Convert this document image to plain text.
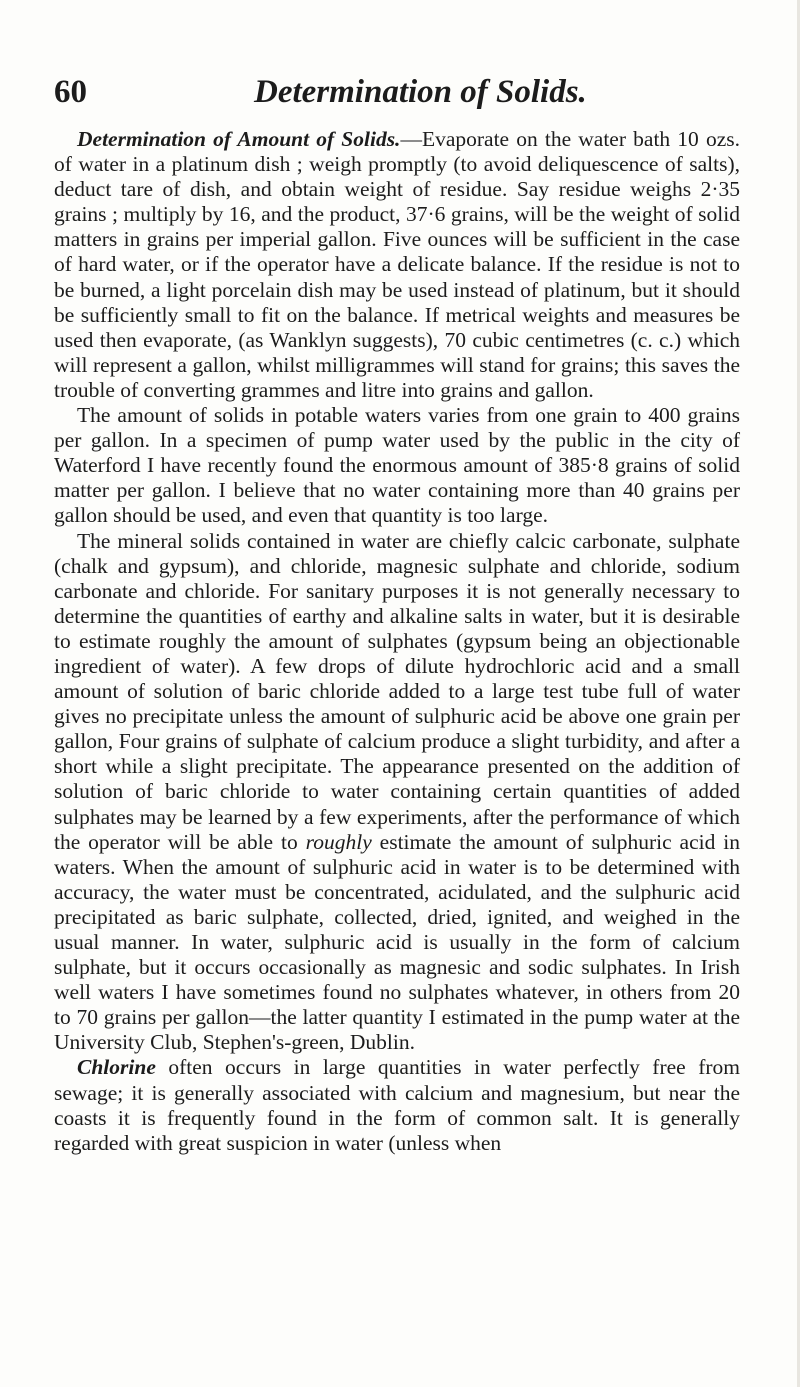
60	Determination of Solids.

Determination of Amount of Solids.—Evaporate on the water bath 10 ozs. of water in a platinum dish ; weigh promptly (to avoid deliquescence of salts), deduct tare of dish, and obtain weight of residue. Say residue weighs 2·35 grains ; multiply by 16, and the product, 37·6 grains, will be the weight of solid matters in grains per imperial gallon. Five ounces will be sufficient in the case of hard water, or if the operator have a delicate balance. If the residue is not to be burned, a light porcelain dish may be used instead of platinum, but it should be sufficiently small to fit on the balance. If metrical weights and measures be used then evaporate, (as Wanklyn suggests), 70 cubic centimetres (c. c.) which will represent a gallon, whilst milligrammes will stand for grains; this saves the trouble of converting grammes and litre into grains and gallon.

The amount of solids in potable waters varies from one grain to 400 grains per gallon. In a specimen of pump water used by the public in the city of Waterford I have recently found the enormous amount of 385·8 grains of solid matter per gallon. I believe that no water containing more than 40 grains per gallon should be used, and even that quantity is too large.

The mineral solids contained in water are chiefly calcic carbonate, sulphate (chalk and gypsum), and chloride, magnesic sulphate and chloride, sodium carbonate and chloride. For sanitary purposes it is not generally necessary to determine the quantities of earthy and alkaline salts in water, but it is desirable to estimate roughly the amount of sulphates (gypsum being an objectionable ingredient of water). A few drops of dilute hydrochloric acid and a small amount of solution of baric chloride added to a large test tube full of water gives no precipitate unless the amount of sulphuric acid be above one grain per gallon, Four grains of sulphate of calcium produce a slight turbidity, and after a short while a slight precipitate. The appearance presented on the addition of solution of baric chloride to water containing certain quantities of added sulphates may be learned by a few experiments, after the performance of which the operator will be able to roughly estimate the amount of sulphuric acid in waters. When the amount of sulphuric acid in water is to be determined with accuracy, the water must be concentrated, acidulated, and the sulphuric acid precipitated as baric sulphate, collected, dried, ignited, and weighed in the usual manner. In water, sulphuric acid is usually in the form of calcium sulphate, but it occurs occasionally as magnesic and sodic sulphates. In Irish well waters I have sometimes found no sulphates whatever, in others from 20 to 70 grains per gallon—the latter quantity I estimated in the pump water at the University Club, Stephen's-green, Dublin.

Chlorine often occurs in large quantities in water perfectly free from sewage; it is generally associated with calcium and magnesium, but near the coasts it is frequently found in the form of common salt. It is generally regarded with great suspicion in water (unless when
